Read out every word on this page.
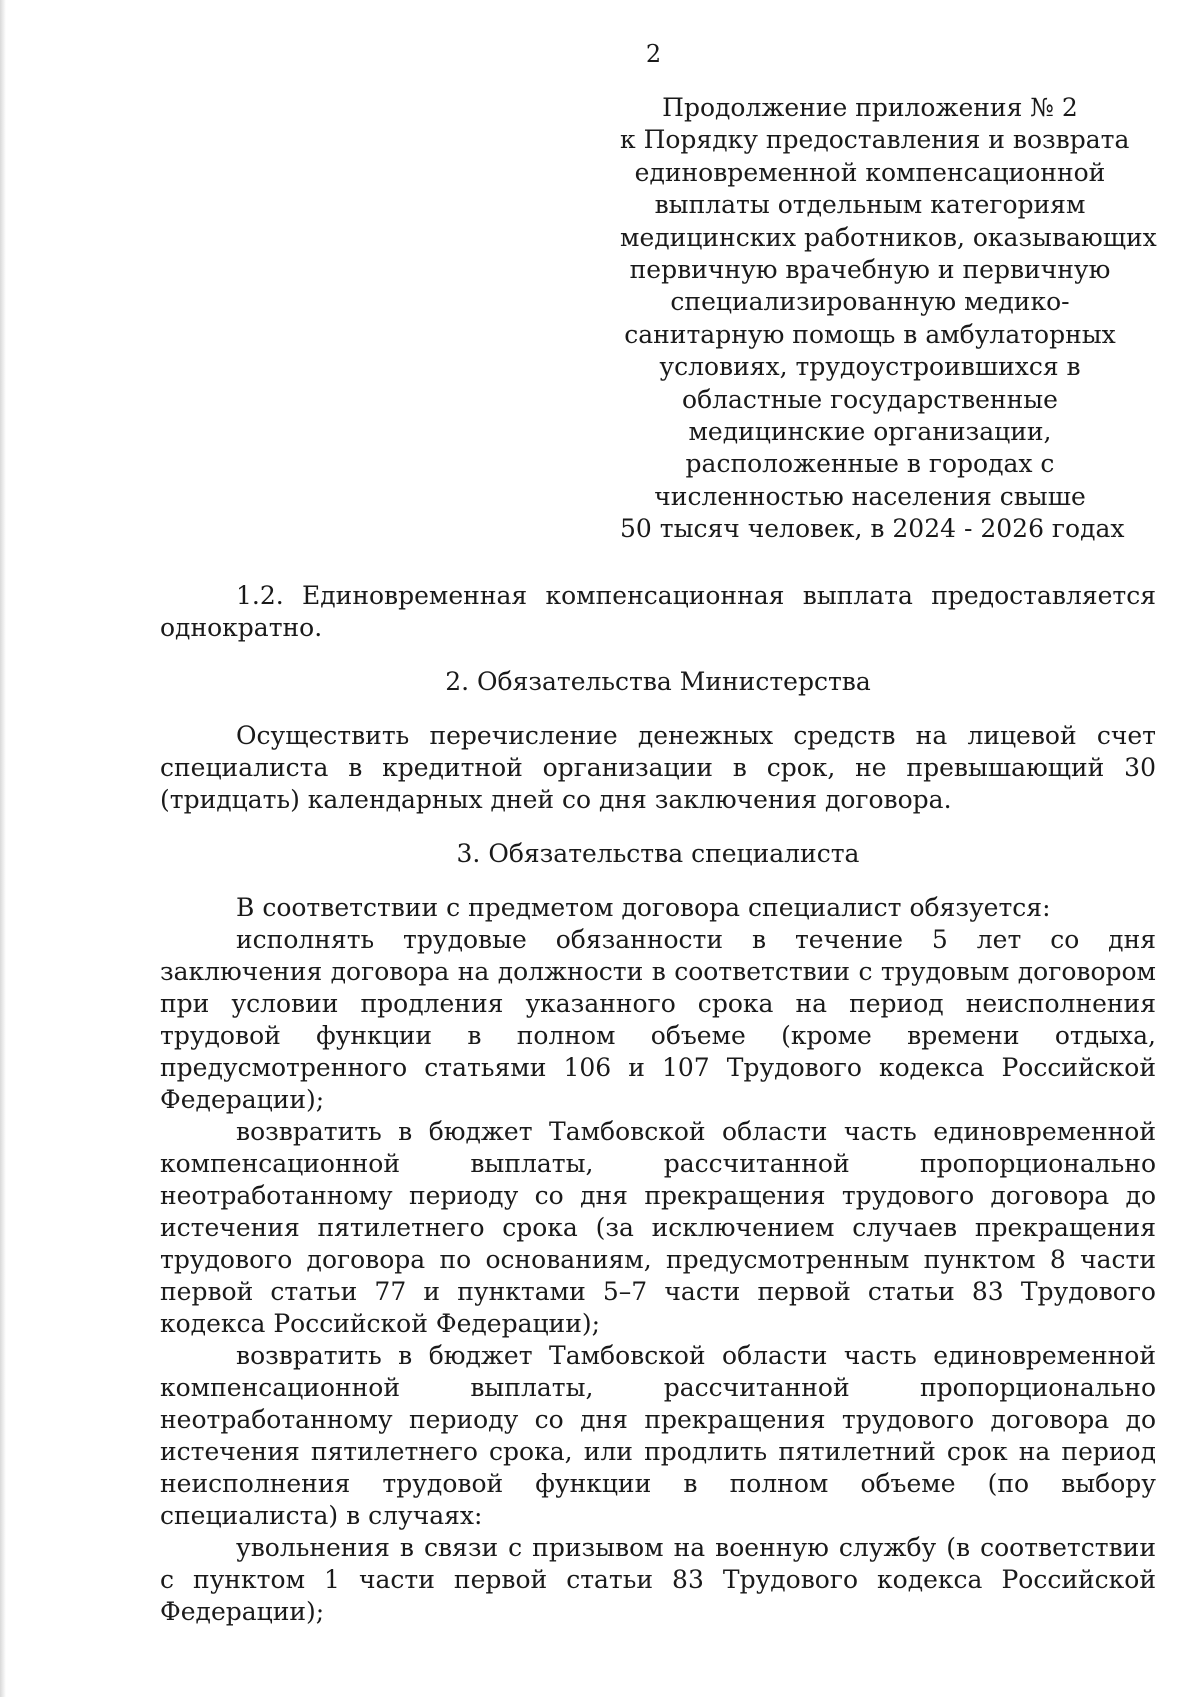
2
Продолжение приложения № 2
к Порядку предоставления и возврата
единовременной компенсационной
выплаты отдельным категориям
медицинских работников, оказывающих
первичную врачебную и первичную
специализированную медико-
санитарную помощь в амбулаторных
условиях, трудоустроившихся в
областные государственные
медицинские организации,
расположенные в городах с
численностью населения свыше
50 тысяч человек, в 2024 - 2026 годах

1.2. Единовременная компенсационная выплата предоставляется однократно.

2. Обязательства Министерства

Осуществить перечисление денежных средств на лицевой счет специалиста в кредитной организации в срок, не превышающий 30 (тридцать) календарных дней со дня заключения договора.

3. Обязательства специалиста

В соответствии с предметом договора специалист обязуется:

исполнять трудовые обязанности в течение 5 лет со дня заключения договора на должности в соответствии с трудовым договором при условии продления указанного срока на период неисполнения трудовой функции в полном объеме (кроме времени отдыха, предусмотренного статьями 106 и 107 Трудового кодекса Российской Федерации);

возвратить в бюджет Тамбовской области часть единовременной компенсационной выплаты, рассчитанной пропорционально неотработанному периоду со дня прекращения трудового договора до истечения пятилетнего срока (за исключением случаев прекращения трудового договора по основаниям, предусмотренным пунктом 8 части первой статьи 77 и пунктами 5–7 части первой статьи 83 Трудового кодекса Российской Федерации);

возвратить в бюджет Тамбовской области часть единовременной компенсационной выплаты, рассчитанной пропорционально неотработанному периоду со дня прекращения трудового договора до истечения пятилетнего срока, или продлить пятилетний срок на период неисполнения трудовой функции в полном объеме (по выбору специалиста) в случаях:

увольнения в связи с призывом на военную службу (в соответствии с пунктом 1 части первой статьи 83 Трудового кодекса Российской Федерации);
